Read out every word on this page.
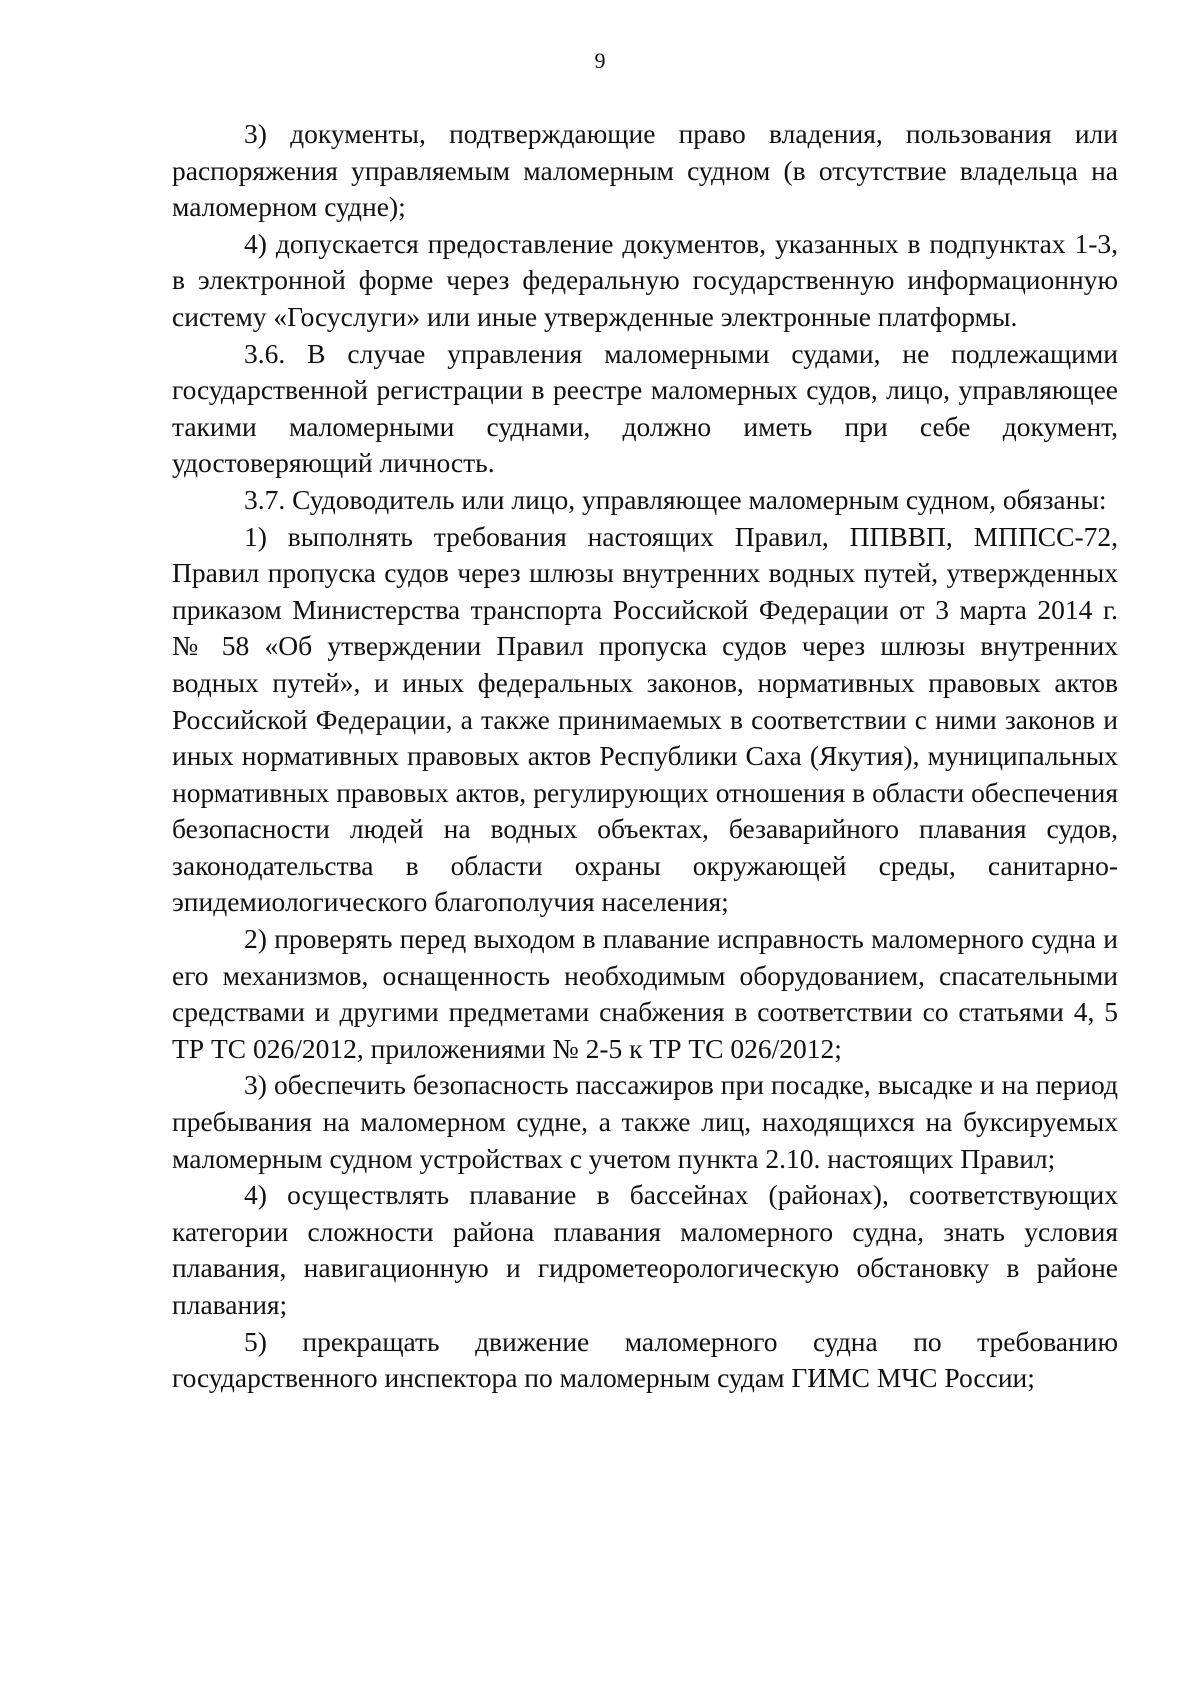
9

3) документы, подтверждающие право владения, пользования или распоряжения управляемым маломерным судном (в отсутствие владельца на маломерном судне);

4) допускается предоставление документов, указанных в подпунктах 1-3, в электронной форме через федеральную государственную информационную систему «Госуслуги» или иные утвержденные электронные платформы.

3.6. В случае управления маломерными судами, не подлежащими государственной регистрации в реестре маломерных судов, лицо, управляющее такими маломерными суднами, должно иметь при себе документ, удостоверяющий личность.

3.7. Судоводитель или лицо, управляющее маломерным судном, обязаны:

1) выполнять требования настоящих Правил, ППВВП, МППСС-72, Правил пропуска судов через шлюзы внутренних водных путей, утвержденных приказом Министерства транспорта Российской Федерации от 3 марта 2014 г. № 58 «Об утверждении Правил пропуска судов через шлюзы внутренних водных путей», и иных федеральных законов, нормативных правовых актов Российской Федерации, а также принимаемых в соответствии с ними законов и иных нормативных правовых актов Республики Саха (Якутия), муниципальных нормативных правовых актов, регулирующих отношения в области обеспечения безопасности людей на водных объектах, безаварийного плавания судов, законодательства в области охраны окружающей среды, санитарно-эпидемиологического благополучия населения;

2) проверять перед выходом в плавание исправность маломерного судна и его механизмов, оснащенность необходимым оборудованием, спасательными средствами и другими предметами снабжения в соответствии со статьями 4, 5 ТР ТС 026/2012, приложениями № 2-5 к ТР ТС 026/2012;

3) обеспечить безопасность пассажиров при посадке, высадке и на период пребывания на маломерном судне, а также лиц, находящихся на буксируемых маломерным судном устройствах с учетом пункта 2.10. настоящих Правил;

4) осуществлять плавание в бассейнах (районах), соответствующих категории сложности района плавания маломерного судна, знать условия плавания, навигационную и гидрометеорологическую обстановку в районе плавания;

5) прекращать движение маломерного судна по требованию государственного инспектора по маломерным судам ГИМС МЧС России;
